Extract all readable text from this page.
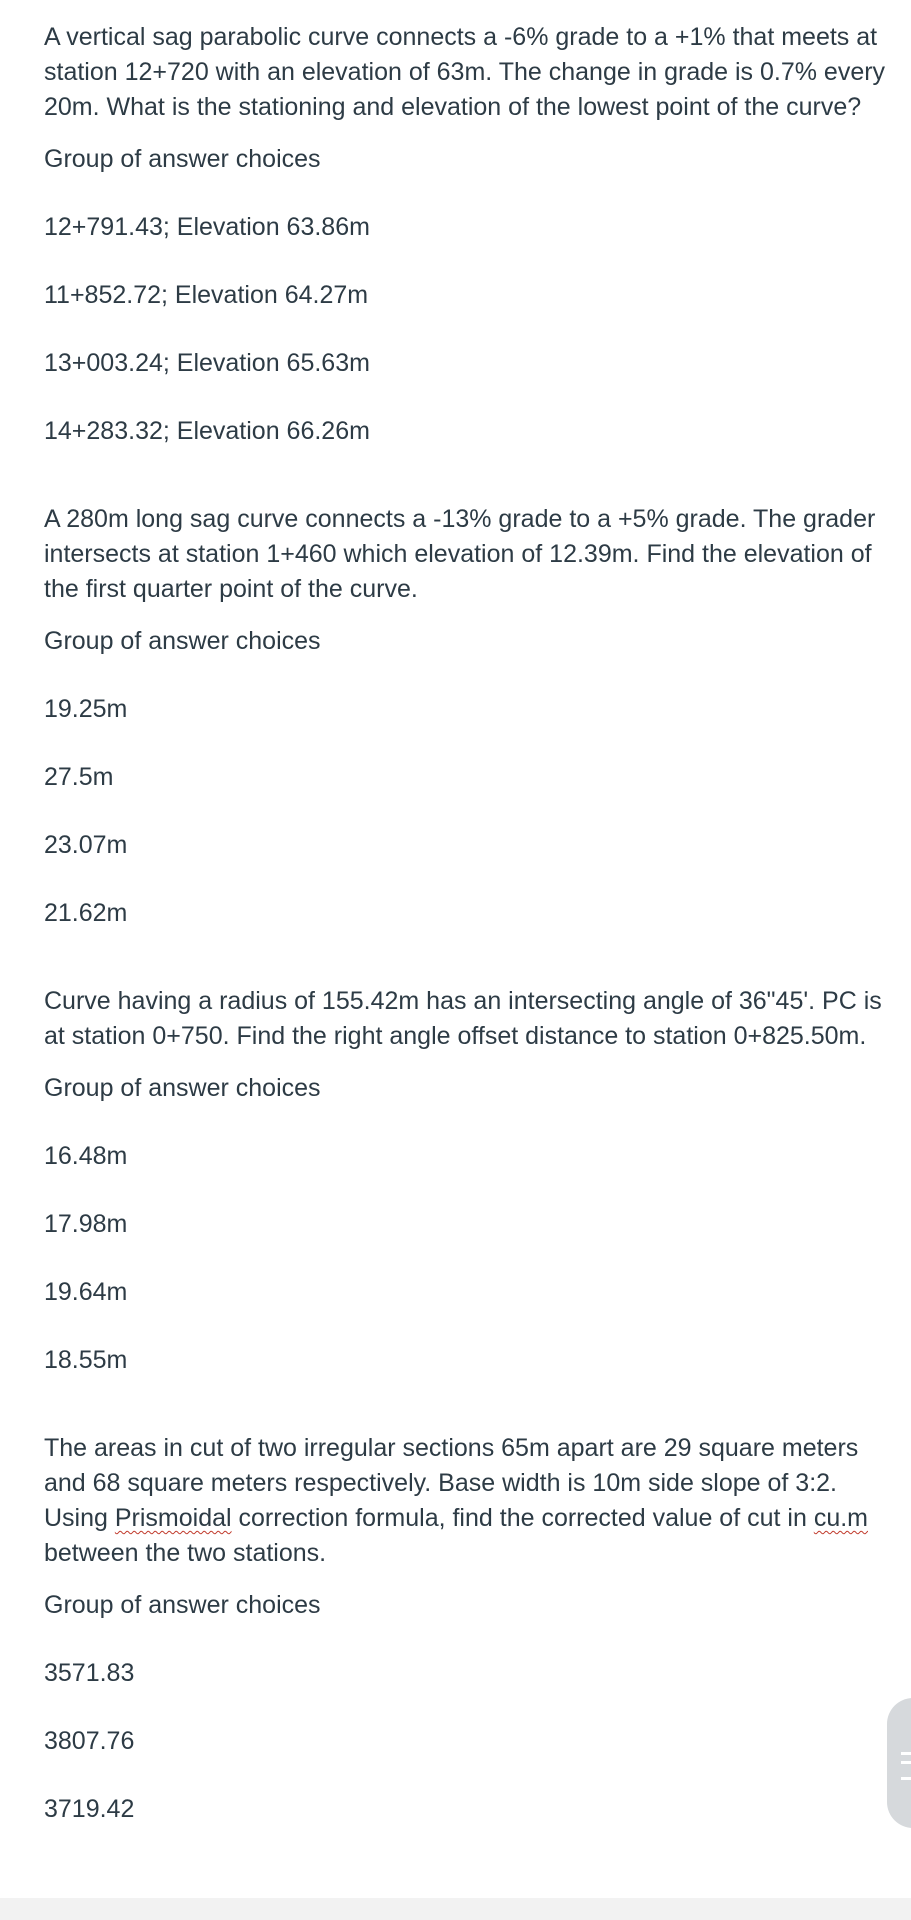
A vertical sag parabolic curve connects a -6% grade to a +1% that meets at station 12+720 with an elevation of 63m. The change in grade is 0.7% every 20m. What is the stationing and elevation of the lowest point of the curve?

Group of answer choices
12+791.43; Elevation 63.86m
11+852.72; Elevation 64.27m
13+003.24; Elevation 65.63m
14+283.32; Elevation 66.26m

A 280m long sag curve connects a -13% grade to a +5% grade. The grader intersects at station 1+460 which elevation of 12.39m. Find the elevation of the first quarter point of the curve.

Group of answer choices
19.25m
27.5m
23.07m
21.62m

Curve having a radius of 155.42m has an intersecting angle of 36"45'. PC is at station 0+750. Find the right angle offset distance to station 0+825.50m.

Group of answer choices
16.48m
17.98m
19.64m
18.55m

The areas in cut of two irregular sections 65m apart are 29 square meters and 68 square meters respectively. Base width is 10m side slope of 3:2. Using Prismoidal correction formula, find the corrected value of cut in cu.m between the two stations.

Group of answer choices
3571.83
3807.76
3719.42
